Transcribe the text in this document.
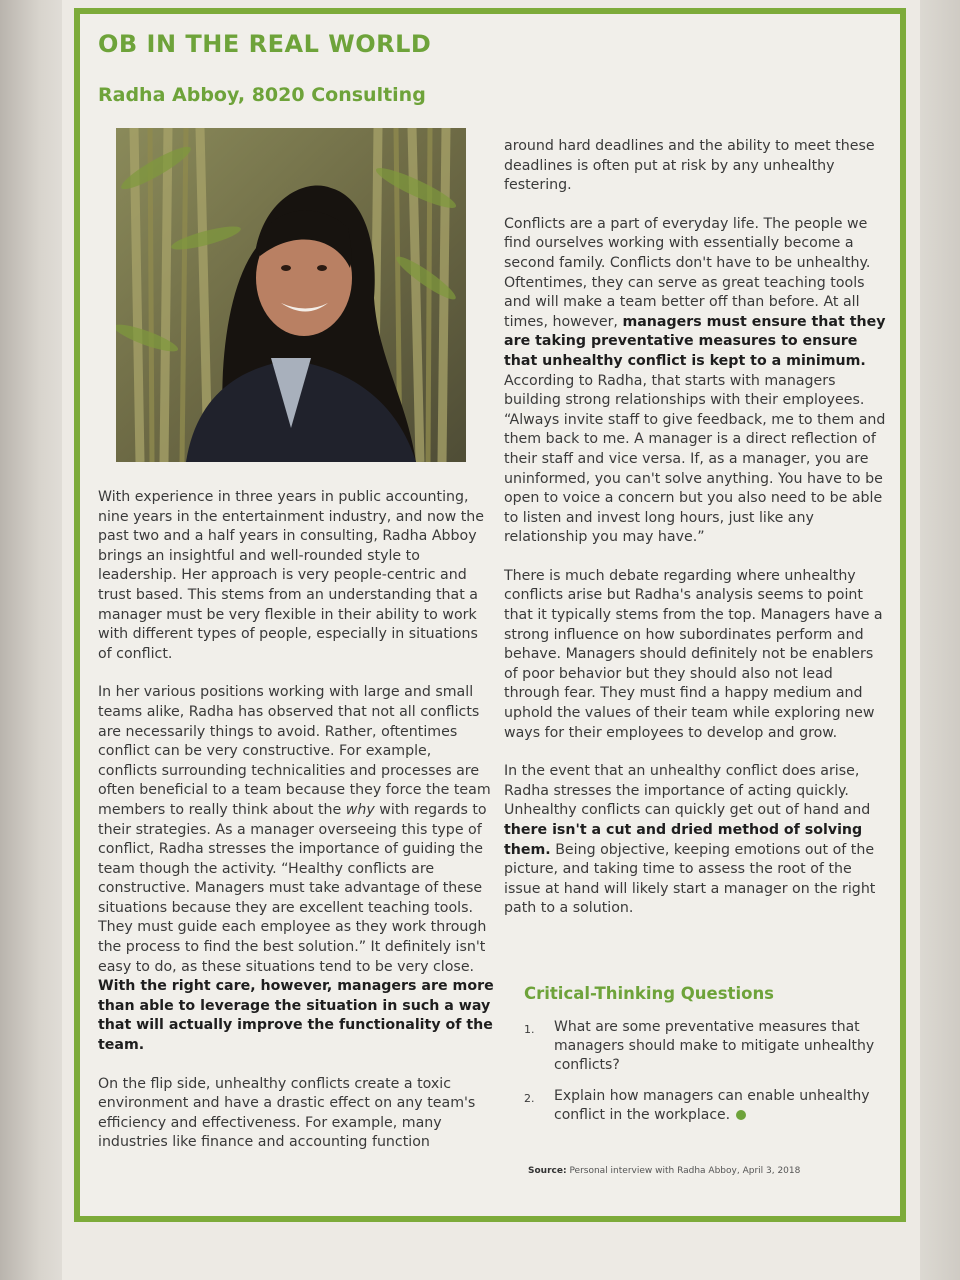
OB IN THE REAL WORLD
Radha Abboy, 8020 Consulting

With experience in three years in public accounting, nine years in the entertainment industry, and now the past two and a half years in consulting, Radha Abboy brings an insightful and well-rounded style to leadership. Her approach is very people-centric and trust based. This stems from an understanding that a manager must be very flexible in their ability to work with different types of people, especially in situations of conflict.

In her various positions working with large and small teams alike, Radha has observed that not all conflicts are necessarily things to avoid. Rather, oftentimes conflict can be very constructive. For example, conflicts surrounding technicalities and processes are often beneficial to a team because they force the team members to really think about the why with regards to their strategies. As a manager overseeing this type of conflict, Radha stresses the importance of guiding the team though the activity. “Healthy conflicts are constructive. Managers must take advantage of these situations because they are excellent teaching tools. They must guide each employee as they work through the process to find the best solution.” It definitely isn't easy to do, as these situations tend to be very close. With the right care, however, managers are more than able to leverage the situation in such a way that will actually improve the functionality of the team.

On the flip side, unhealthy conflicts create a toxic environment and have a drastic effect on any team's efficiency and effectiveness. For example, many industries like finance and accounting function

around hard deadlines and the ability to meet these deadlines is often put at risk by any unhealthy festering.

Conflicts are a part of everyday life. The people we find ourselves working with essentially become a second family. Conflicts don't have to be unhealthy. Oftentimes, they can serve as great teaching tools and will make a team better off than before. At all times, however, managers must ensure that they are taking preventative measures to ensure that unhealthy conflict is kept to a minimum. According to Radha, that starts with managers building strong relationships with their employees. “Always invite staff to give feedback, me to them and them back to me. A manager is a direct reflection of their staff and vice versa. If, as a manager, you are uninformed, you can't solve anything. You have to be open to voice a concern but you also need to be able to listen and invest long hours, just like any relationship you may have.”

There is much debate regarding where unhealthy conflicts arise but Radha's analysis seems to point that it typically stems from the top. Managers have a strong influence on how subordinates perform and behave. Managers should definitely not be enablers of poor behavior but they should also not lead through fear. They must find a happy medium and uphold the values of their team while exploring new ways for their employees to develop and grow.

In the event that an unhealthy conflict does arise, Radha stresses the importance of acting quickly. Unhealthy conflicts can quickly get out of hand and there isn't a cut and dried method of solving them. Being objective, keeping emotions out of the picture, and taking time to assess the root of the issue at hand will likely start a manager on the right path to a solution.

Critical-Thinking Questions
1.	What are some preventative measures that managers should make to mitigate unhealthy conflicts?
2.	Explain how managers can enable unhealthy conflict in the workplace.
Source: Personal interview with Radha Abboy, April 3, 2018
